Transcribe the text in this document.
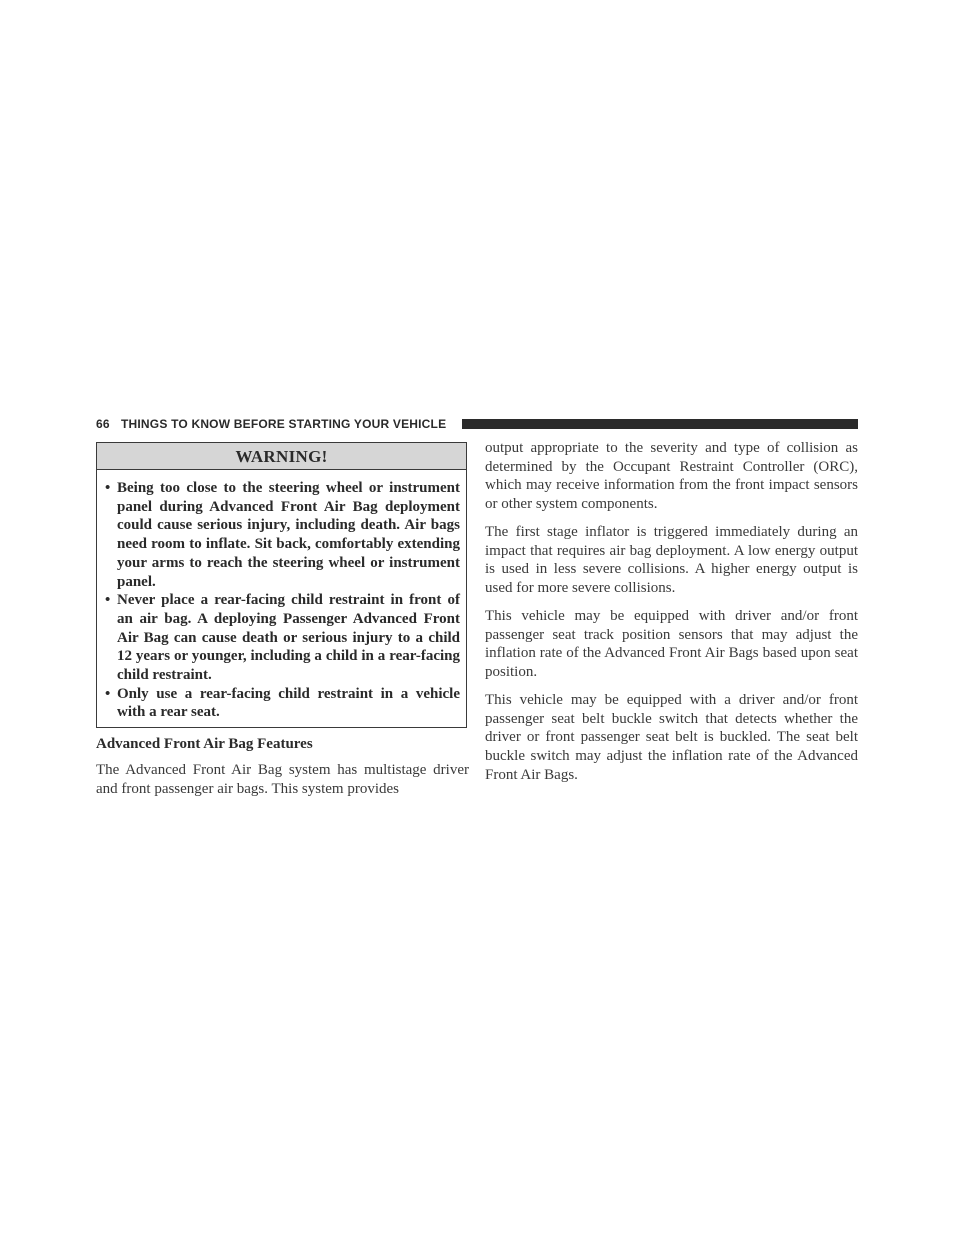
66 THINGS TO KNOW BEFORE STARTING YOUR VEHICLE
WARNING!
• Being too close to the steering wheel or instrument panel during Advanced Front Air Bag deployment could cause serious injury, including death. Air bags need room to inflate. Sit back, comfortably extending your arms to reach the steering wheel or instrument panel.
• Never place a rear-facing child restraint in front of an air bag. A deploying Passenger Advanced Front Air Bag can cause death or serious injury to a child 12 years or younger, including a child in a rear-facing child restraint.
• Only use a rear-facing child restraint in a vehicle with a rear seat.
Advanced Front Air Bag Features

The Advanced Front Air Bag system has multistage driver and front passenger air bags. This system provides

output appropriate to the severity and type of collision as determined by the Occupant Restraint Controller (ORC), which may receive information from the front impact sensors or other system components.

The first stage inflator is triggered immediately during an impact that requires air bag deployment. A low energy output is used in less severe collisions. A higher energy output is used for more severe collisions.

This vehicle may be equipped with driver and/or front passenger seat track position sensors that may adjust the inflation rate of the Advanced Front Air Bags based upon seat position.

This vehicle may be equipped with a driver and/or front passenger seat belt buckle switch that detects whether the driver or front passenger seat belt is buckled. The seat belt buckle switch may adjust the inflation rate of the Advanced Front Air Bags.
